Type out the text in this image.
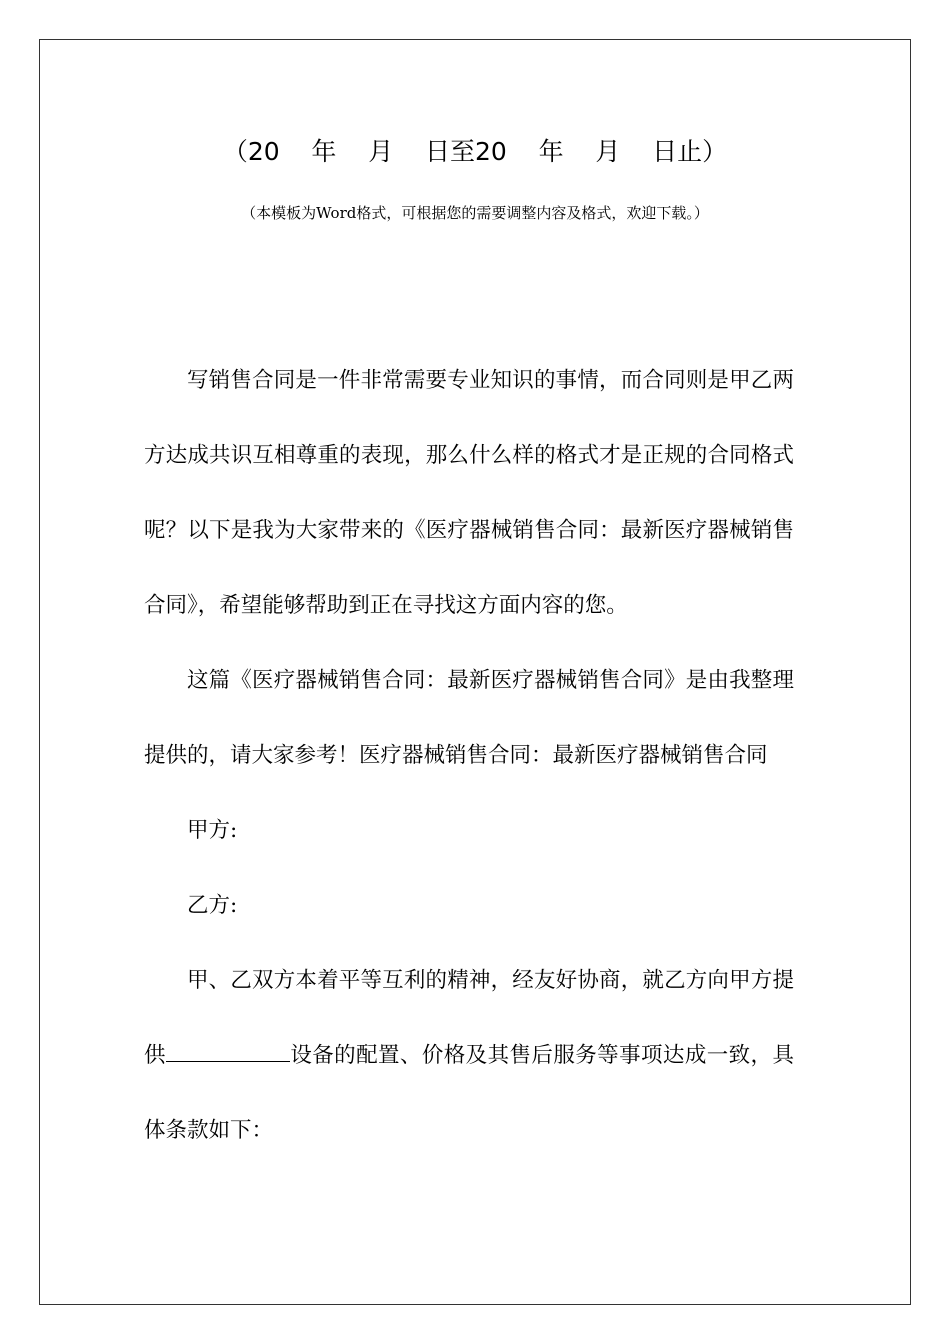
（20    年    月    日至20    年    月    日止）
（本模板为Word格式，可根据您的需要调整内容及格式，欢迎下载。）

写销售合同是一件非常需要专业知识的事情，而合同则是甲乙两方达成共识互相尊重的表现，那么什么样的格式才是正规的合同格式呢？以下是我为大家带来的《医疗器械销售合同：最新医疗器械销售合同》，希望能够帮助到正在寻找这方面内容的您。

这篇《医疗器械销售合同：最新医疗器械销售合同》是由我整理提供的，请大家参考！医疗器械销售合同：最新医疗器械销售合同

甲方:

乙方:

甲、乙双方本着平等互利的精神，经友好协商，就乙方向甲方提供	设备的配置、价格及其售后服务等事项达成一致，具体条款如下：
